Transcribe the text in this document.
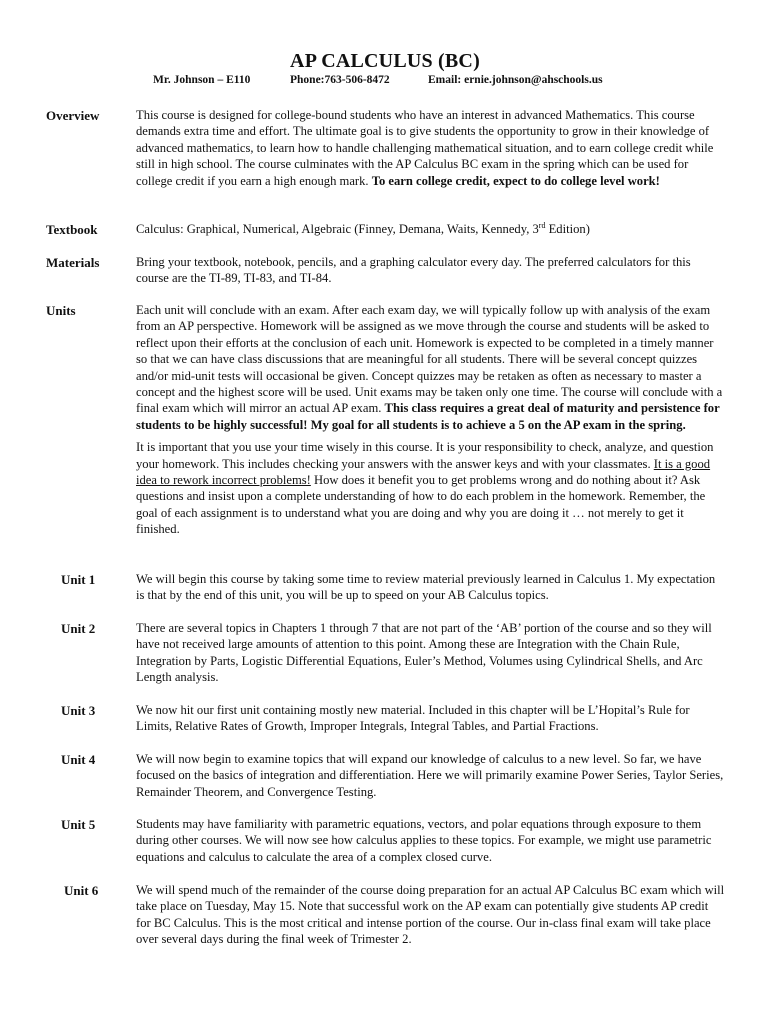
AP CALCULUS (BC)
Mr. Johnson – E110	Phone:763-506-8472	Email: ernie.johnson@ahschools.us
Overview	This course is designed for college-bound students who have an interest in advanced Mathematics. This course demands extra time and effort. The ultimate goal is to give students the opportunity to grow in their knowledge of advanced mathematics, to learn how to handle challenging mathematical situation, and to earn college credit while still in high school. The course culminates with the AP Calculus BC exam in the spring which can be used for college credit if you earn a high enough mark. To earn college credit, expect to do college level work!

Textbook	Calculus: Graphical, Numerical, Algebraic (Finney, Demana, Waits, Kennedy, 3rd Edition)

Materials	Bring your textbook, notebook, pencils, and a graphing calculator every day. The preferred calculators for this course are the TI-89, TI-83, and TI-84.
Units	Each unit will conclude with an exam. After each exam day, we will typically follow up with analysis of the exam from an AP perspective. Homework will be assigned as we move through the course and students will be asked to reflect upon their efforts at the conclusion of each unit. Homework is expected to be completed in a timely manner so that we can have class discussions that are meaningful for all students. There will be several concept quizzes and/or mid-unit tests will occasional be given. Concept quizzes may be retaken as often as necessary to master a concept and the highest score will be used. Unit exams may be taken only one time. The course will conclude with a final exam which will mirror an actual AP exam. This class requires a great deal of maturity and persistence for students to be highly successful! My goal for all students is to achieve a 5 on the AP exam in the spring.

It is important that you use your time wisely in this course. It is your responsibility to check, analyze, and question your homework. This includes checking your answers with the answer keys and with your classmates. It is a good idea to rework incorrect problems! How does it benefit you to get problems wrong and do nothing about it? Ask questions and insist upon a complete understanding of how to do each problem in the homework. Remember, the goal of each assignment is to understand what you are doing and why you are doing it … not merely to get it finished.

Unit 1	We will begin this course by taking some time to review material previously learned in Calculus 1. My expectation is that by the end of this unit, you will be up to speed on your AB Calculus topics.
Unit 2	There are several topics in Chapters 1 through 7 that are not part of the ‘AB’ portion of the course and so they will have not received large amounts of attention to this point. Among these are Integration with the Chain Rule, Integration by Parts, Logistic Differential Equations, Euler’s Method, Volumes using Cylindrical Shells, and Arc Length analysis.
Unit 3	We now hit our first unit containing mostly new material. Included in this chapter will be L’Hopital’s Rule for Limits, Relative Rates of Growth, Improper Integrals, Integral Tables, and Partial Fractions.
Unit 4	We will now begin to examine topics that will expand our knowledge of calculus to a new level. So far, we have focused on the basics of integration and differentiation. Here we will primarily examine Power Series, Taylor Series, Remainder Theorem, and Convergence Testing.
Unit 5	Students may have familiarity with parametric equations, vectors, and polar equations through exposure to them during other courses. We will now see how calculus applies to these topics. For example, we might use parametric equations and calculus to calculate the area of a complex closed curve.
Unit 6	We will spend much of the remainder of the course doing preparation for an actual AP Calculus BC exam which will take place on Tuesday, May 15. Note that successful work on the AP exam can potentially give students AP credit for BC Calculus. This is the most critical and intense portion of the course. Our in-class final exam will take place over several days during the final week of Trimester 2.
